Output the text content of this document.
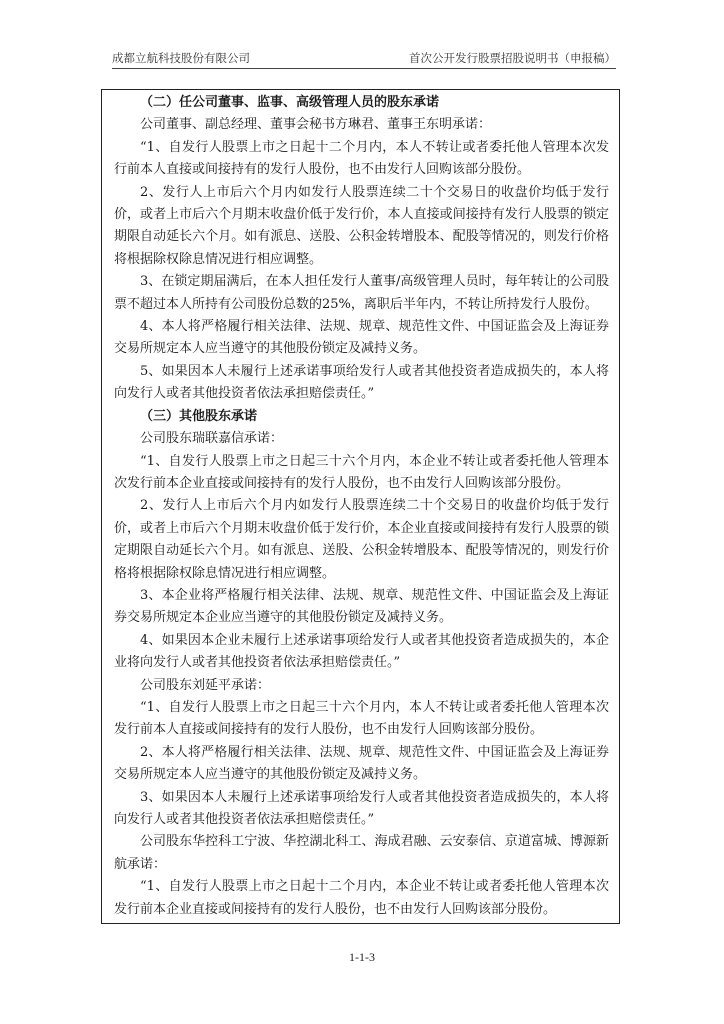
成都立航科技股份有限公司	首次公开发行股票招股说明书（申报稿）

（二）任公司董事、监事、高级管理人员的股东承诺

公司董事、副总经理、董事会秘书方琳君、董事王东明承诺：

“1、自发行人股票上市之日起十二个月内，本人不转让或者委托他人管理本次发行前本人直接或间接持有的发行人股份，也不由发行人回购该部分股份。

2、发行人上市后六个月内如发行人股票连续二十个交易日的收盘价均低于发行价，或者上市后六个月期末收盘价低于发行价，本人直接或间接持有发行人股票的锁定期限自动延长六个月。如有派息、送股、公积金转增股本、配股等情况的，则发行价格将根据除权除息情况进行相应调整。

3、在锁定期届满后，在本人担任发行人董事/高级管理人员时，每年转让的公司股票不超过本人所持有公司股份总数的25%，离职后半年内，不转让所持发行人股份。

4、本人将严格履行相关法律、法规、规章、规范性文件、中国证监会及上海证券交易所规定本人应当遵守的其他股份锁定及减持义务。

5、如果因本人未履行上述承诺事项给发行人或者其他投资者造成损失的，本人将向发行人或者其他投资者依法承担赔偿责任。”

（三）其他股东承诺

公司股东瑞联嘉信承诺：

“1、自发行人股票上市之日起三十六个月内，本企业不转让或者委托他人管理本次发行前本企业直接或间接持有的发行人股份，也不由发行人回购该部分股份。

2、发行人上市后六个月内如发行人股票连续二十个交易日的收盘价均低于发行价，或者上市后六个月期末收盘价低于发行价，本企业直接或间接持有发行人股票的锁定期限自动延长六个月。如有派息、送股、公积金转增股本、配股等情况的，则发行价格将根据除权除息情况进行相应调整。

3、本企业将严格履行相关法律、法规、规章、规范性文件、中国证监会及上海证券交易所规定本企业应当遵守的其他股份锁定及减持义务。

4、如果因本企业未履行上述承诺事项给发行人或者其他投资者造成损失的，本企业将向发行人或者其他投资者依法承担赔偿责任。”

公司股东刘延平承诺：

“1、自发行人股票上市之日起三十六个月内，本人不转让或者委托他人管理本次发行前本人直接或间接持有的发行人股份，也不由发行人回购该部分股份。

2、本人将严格履行相关法律、法规、规章、规范性文件、中国证监会及上海证券交易所规定本人应当遵守的其他股份锁定及减持义务。

3、如果因本人未履行上述承诺事项给发行人或者其他投资者造成损失的，本人将向发行人或者其他投资者依法承担赔偿责任。”

公司股东华控科工宁波、华控湖北科工、海成君融、云安泰信、京道富城、博源新航承诺：

“1、自发行人股票上市之日起十二个月内，本企业不转让或者委托他人管理本次发行前本企业直接或间接持有的发行人股份，也不由发行人回购该部分股份。

1-1-3
